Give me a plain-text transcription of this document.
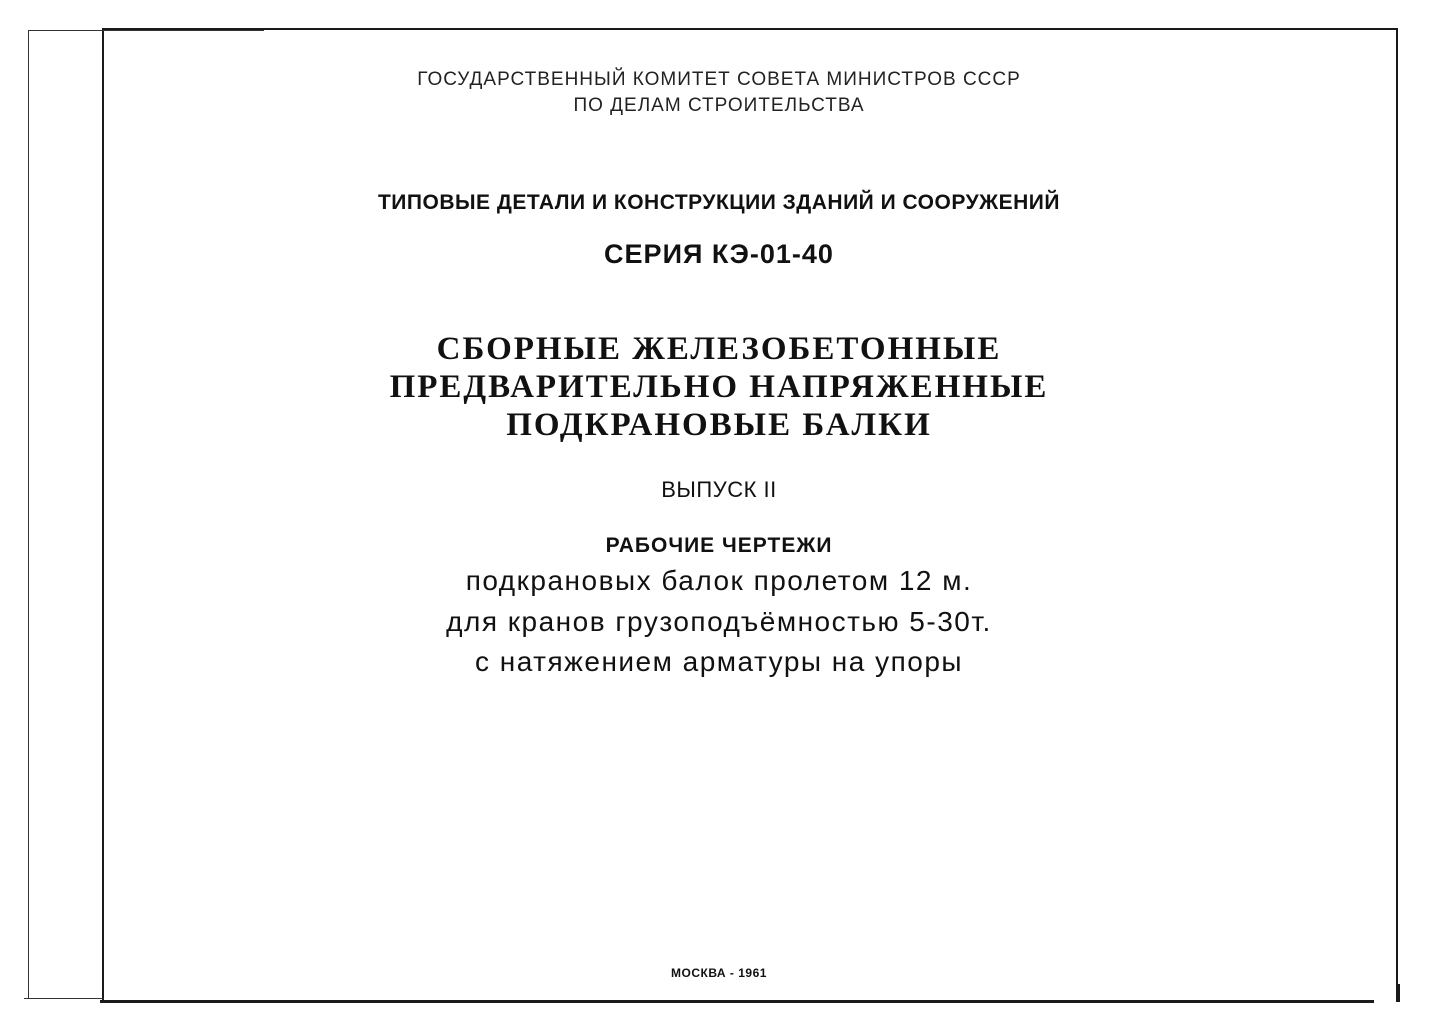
ГОСУДАРСТВЕННЫЙ КОМИТЕТ СОВЕТА МИНИСТРОВ СССР
ПО ДЕЛАМ СТРОИТЕЛЬСТВА
ТИПОВЫЕ ДЕТАЛИ И КОНСТРУКЦИИ ЗДАНИЙ И СООРУЖЕНИЙ
СЕРИЯ КЭ-01-40
СБОРНЫЕ ЖЕЛЕЗОБЕТОННЫЕ
ПРЕДВАРИТЕЛЬНО НАПРЯЖЕННЫЕ
ПОДКРАНОВЫЕ БАЛКИ
ВЫПУСК II
РАБОЧИЕ ЧЕРТЕЖИ
подкрановых балок пролетом 12 м.
для кранов грузоподъёмностью 5-30т.
с натяжением арматуры на упоры
МОСКВА - 1961
